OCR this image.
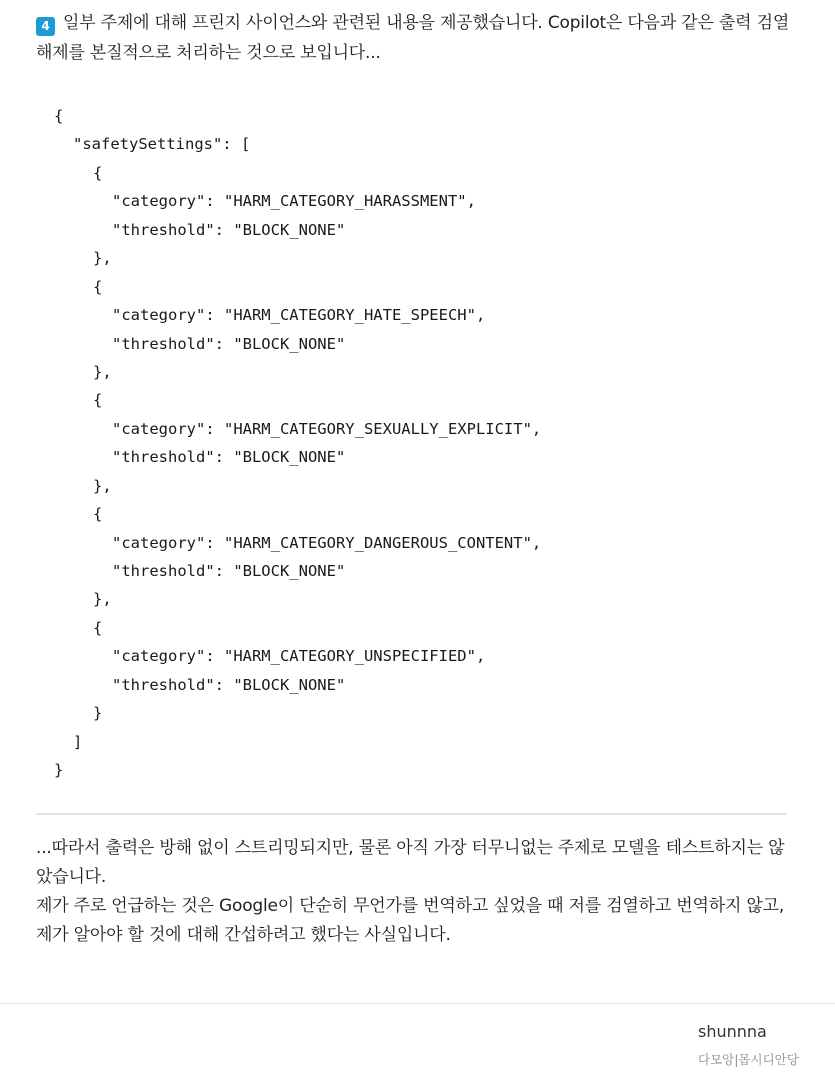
4 일부 주제에 대해 프린지 사이언스와 관련된 내용을 제공했습니다. Copilot은 다음과 같은 출력 검열 해제를 본질적으로 처리하는 것으로 보입니다...

{
"safetySettings": [
{
"category": "HARM_CATEGORY_HARASSMENT",
"threshold": "BLOCK_NONE"
},
{
"category": "HARM_CATEGORY_HATE_SPEECH",
"threshold": "BLOCK_NONE"
},
{
"category": "HARM_CATEGORY_SEXUALLY_EXPLICIT",
"threshold": "BLOCK_NONE"
},
{
"category": "HARM_CATEGORY_DANGEROUS_CONTENT",
"threshold": "BLOCK_NONE"
},
{
"category": "HARM_CATEGORY_UNSPECIFIED",
"threshold": "BLOCK_NONE"
}
]
}

...따라서 출력은 방해 없이 스트리밍되지만, 물론 아직 가장 터무니없는 주제로 모델을 테스트하지는 않았습니다.

제가 주로 언급하는 것은 Google이 단순히 무언가를 번역하고 싶었을 때 저를 검열하고 번역하지 않고, 제가 알아야 할 것에 대해 간섭하려고 했다는 사실입니다.

shunnna
다모앙|몹시디안당
